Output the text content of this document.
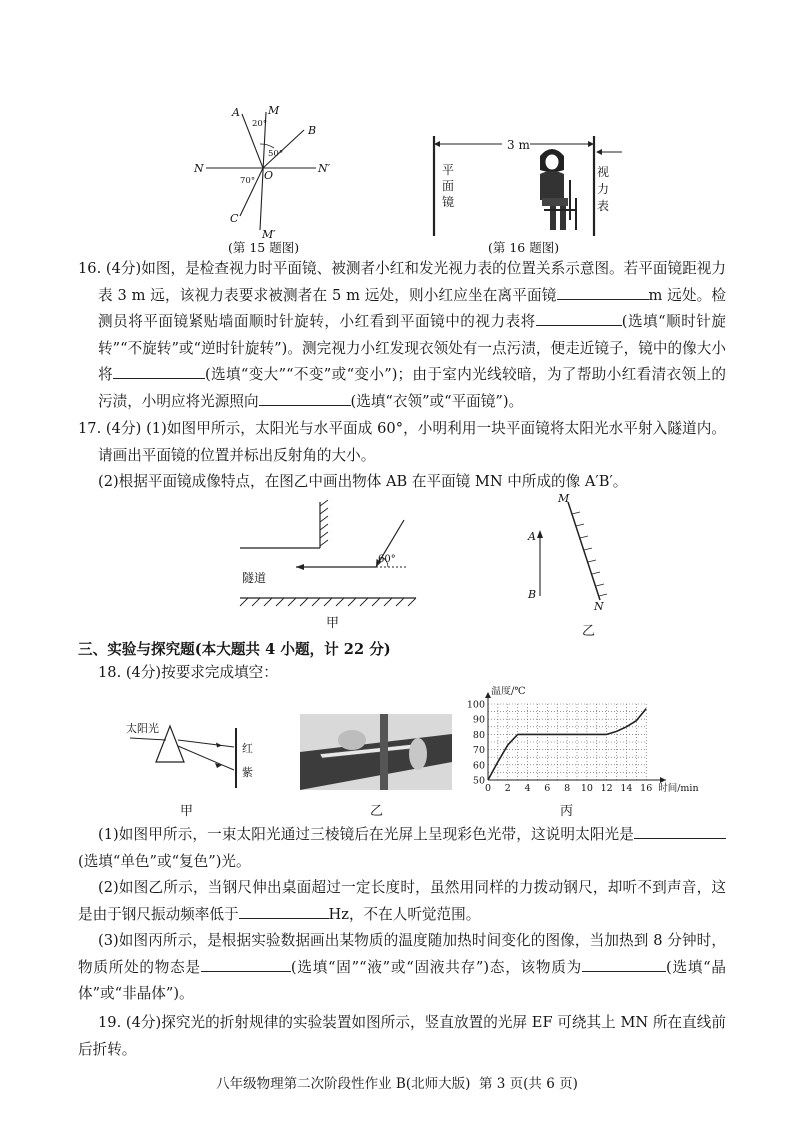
A	M
B
N
O
N′
C
M′
20°
50°
70°
(第 15 题图)
3 m
平面镜
视力表
(第 16 题图)
16. (4分)如图，是检查视力时平面镜、被测者小红和发光视力表的位置关系示意图。若平面镜距视力表 3 m 远，该视力表要求被测者在 5 m 远处，则小红应坐在离平面镜	m 远处。检测员将平面镜紧贴墙面顺时针旋转，小红看到平面镜中的视力表将	(选填“顺时针旋转”“不旋转”或“逆时针旋转”)。测完视力小红发现衣领处有一点污渍，便走近镜子，镜中的像大小将	(选填“变大”“不变”或“变小”)；由于室内光线较暗，为了帮助小红看清衣领上的污渍，小明应将光源照向	(选填“衣领”或“平面镜”)。
17. (4分) (1)如图甲所示，太阳光与水平面成 60°，小明利用一块平面镜将太阳光水平射入隧道内。请画出平面镜的位置并标出反射角的大小。
(2)根据平面镜成像特点，在图乙中画出物体 AB 在平面镜 MN 中所成的像 A′B′。
60°
隧道
甲
M
A
B
N
乙
三、实验与探究题(本大题共 4 小题，计 22 分)
18. (4分)按要求完成填空：
太阳光
红
紫
甲	乙
0 2 4 6 8 10 12 14 16
50
60
70
80
90
100
温度/℃
时间/min
丙
(1)如图甲所示，一束太阳光通过三棱镜后在光屏上呈现彩色光带，这说明太阳光是(选填“单色”或“复色”)光。
(2)如图乙所示，当钢尺伸出桌面超过一定长度时，虽然用同样的力拨动钢尺，却听不到声音，这是由于钢尺振动频率低于	Hz，不在人听觉范围。
(3)如图丙所示，是根据实验数据画出某物质的温度随加热时间变化的图像，当加热到 8 分钟时，物质所处的物态是	(选填“固”“液”或“固液共存”)态，该物质为	(选填“晶体”或“非晶体”)。
19. (4分)探究光的折射规律的实验装置如图所示，竖直放置的光屏 EF 可绕其上 MN 所在直线前后折转。
八年级物理第二次阶段性作业 B(北师大版) 第 3 页(共 6 页)
